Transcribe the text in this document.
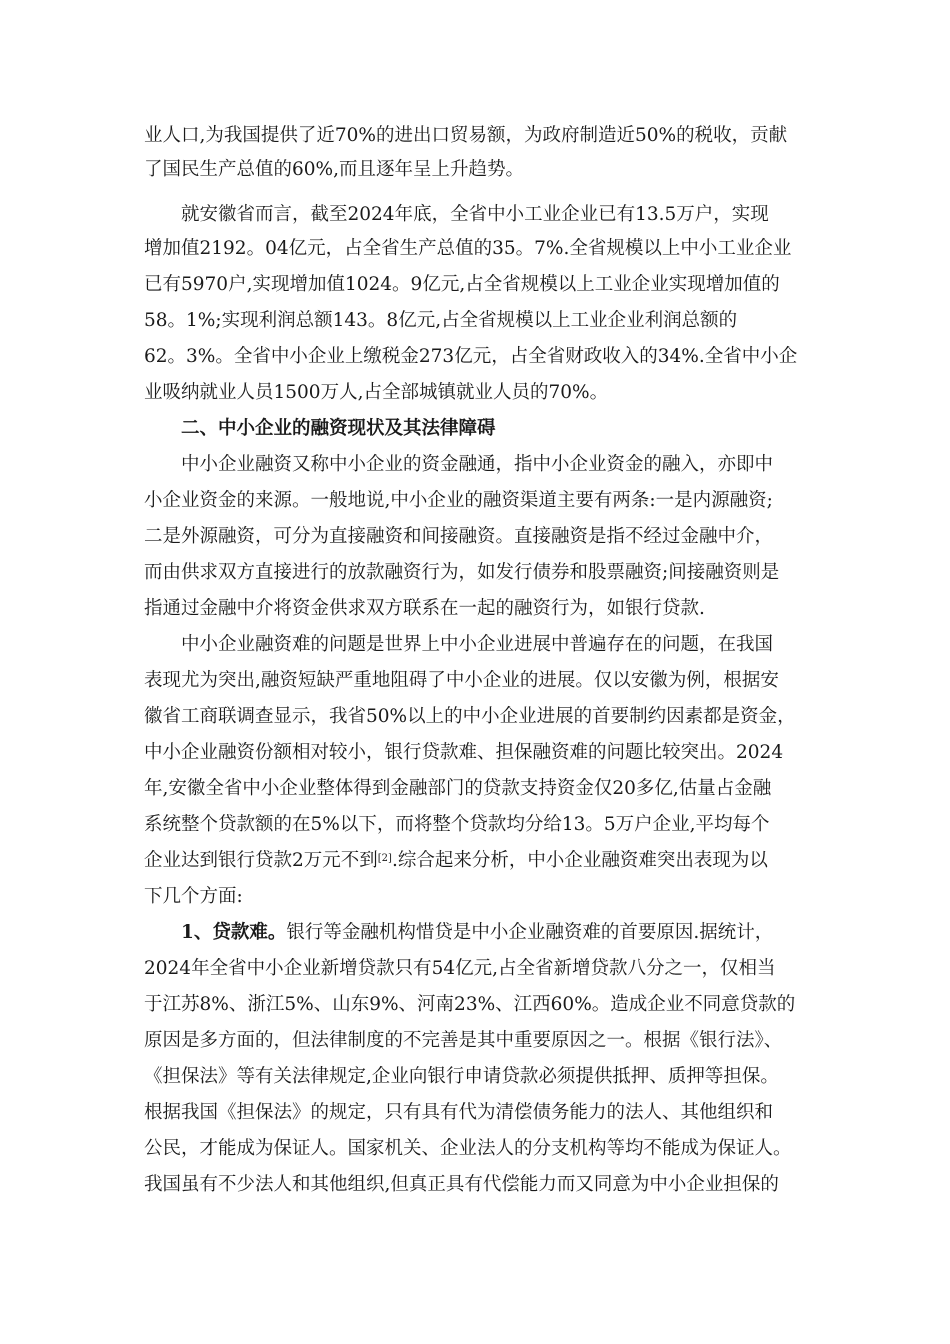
业人口,为我国提供了近70%的进出口贸易额，为政府制造近50%的税收，贡献
了国民生产总值的60%,而且逐年呈上升趋势。
就安徽省而言，截至2024年底，全省中小工业企业已有13.5万户，实现
增加值2192。04亿元，占全省生产总值的35。7%.全省规模以上中小工业企业
已有5970户,实现增加值1024。9亿元,占全省规模以上工业企业实现增加值的
58。1%;实现利润总额143。8亿元,占全省规模以上工业企业利润总额的
62。3%。全省中小企业上缴税金273亿元，占全省财政收入的34%.全省中小企
业吸纳就业人员1500万人,占全部城镇就业人员的70%。
二、中小企业的融资现状及其法律障碍
中小企业融资又称中小企业的资金融通，指中小企业资金的融入，亦即中
小企业资金的来源。一般地说,中小企业的融资渠道主要有两条:一是内源融资;
二是外源融资，可分为直接融资和间接融资。直接融资是指不经过金融中介，
而由供求双方直接进行的放款融资行为，如发行债券和股票融资;间接融资则是
指通过金融中介将资金供求双方联系在一起的融资行为，如银行贷款.
中小企业融资难的问题是世界上中小企业进展中普遍存在的问题，在我国
表现尤为突出,融资短缺严重地阻碍了中小企业的进展。仅以安徽为例，根据安
徽省工商联调查显示，我省50%以上的中小企业进展的首要制约因素都是资金，
中小企业融资份额相对较小，银行贷款难、担保融资难的问题比较突出。2024
年,安徽全省中小企业整体得到金融部门的贷款支持资金仅20多亿,估量占金融
系统整个贷款额的在5%以下，而将整个贷款均分给13。5万户企业,平均每个
企业达到银行贷款2万元不到[2].综合起来分析，中小企业融资难突出表现为以
下几个方面:
1、贷款难。银行等金融机构惜贷是中小企业融资难的首要原因.据统计，
2024年全省中小企业新增贷款只有54亿元,占全省新增贷款八分之一，仅相当
于江苏8%、浙江5%、山东9%、河南23%、江西60%。造成企业不同意贷款的
原因是多方面的，但法律制度的不完善是其中重要原因之一。根据《银行法》、
《担保法》等有关法律规定,企业向银行申请贷款必须提供抵押、质押等担保。
根据我国《担保法》的规定，只有具有代为清偿债务能力的法人、其他组织和
公民，才能成为保证人。国家机关、企业法人的分支机构等均不能成为保证人。
我国虽有不少法人和其他组织,但真正具有代偿能力而又同意为中小企业担保的
